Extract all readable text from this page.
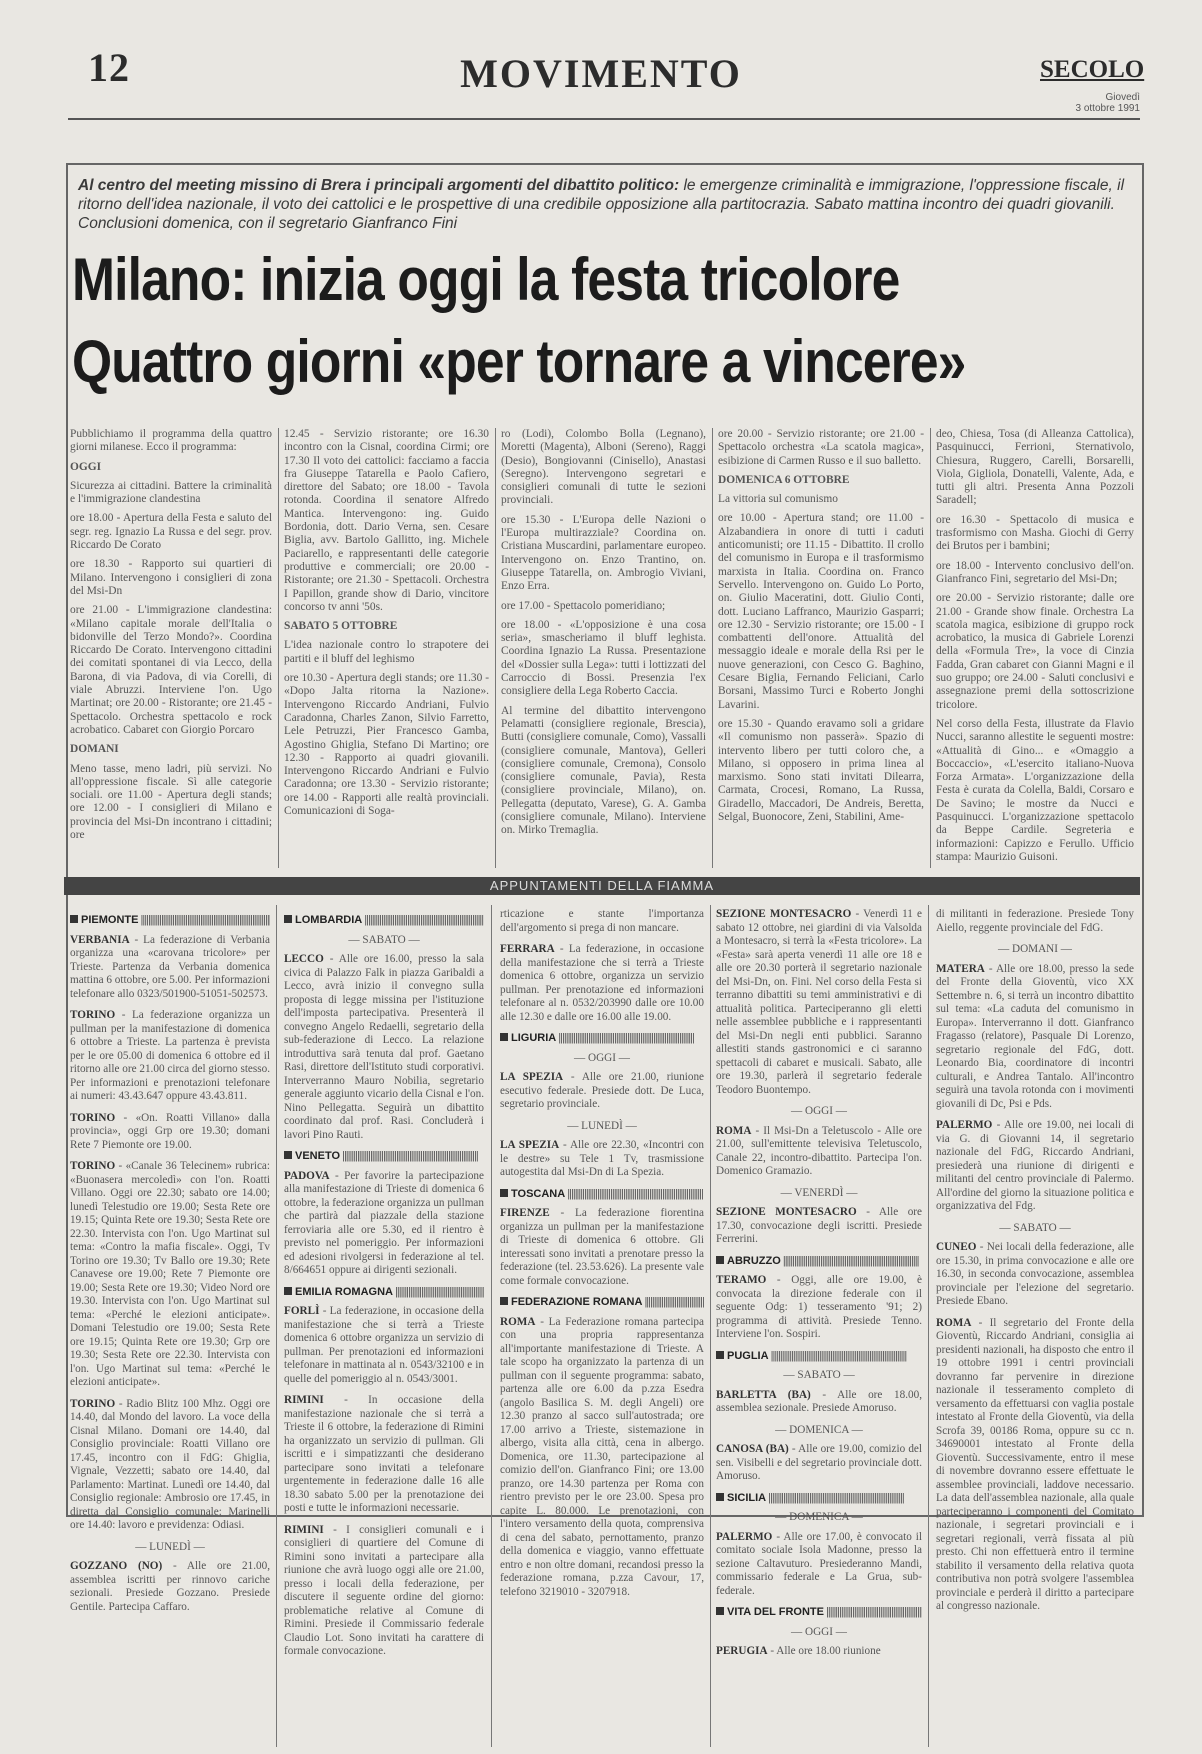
12	MOVIMENTO	SECOLO
Giovedì
3 ottobre 1991
Al centro del meeting missino di Brera i principali argomenti del dibattito politico: le emergenze criminalità e immigrazione, l'oppressione fiscale, il ritorno dell'idea nazionale, il voto dei cattolici e le prospettive di una credibile opposizione alla partitocrazia. Sabato mattina incontro dei quadri giovanili. Conclusioni domenica, con il segretario Gianfranco Fini
Milano: inizia oggi la festa tricolore
Quattro giorni «per tornare a vincere»

Pubblichiamo il programma della quattro giorni milanese. Ecco il programma:

OGGI

Sicurezza ai cittadini. Battere la criminalità e l'immigrazione clandestina

ore 18.00 - Apertura della Festa e saluto del segr. reg. Ignazio La Russa e del segr. prov. Riccardo De Corato

ore 18.30 - Rapporto sui quartieri di Milano. Intervengono i consiglieri di zona del Msi-Dn

ore 21.00 - L'immigrazione clandestina: «Milano capitale morale dell'Italia o bidonville del Terzo Mondo?». Coordina Riccardo De Corato. Intervengono cittadini dei comitati spontanei di via Lecco, della Barona, di via Padova, di via Corelli, di viale Abruzzi. Interviene l'on. Ugo Martinat; ore 20.00 - Ristorante; ore 21.45 - Spettacolo. Orchestra spettacolo e rock acrobatico. Cabaret con Giorgio Porcaro

DOMANI

Meno tasse, meno ladri, più servizi. No all'oppressione fiscale. Sì alle categorie sociali. ore 11.00 - Apertura degli stands; ore 12.00 - I consiglieri di Milano e provincia del Msi-Dn incontrano i cittadini; ore

12.45 - Servizio ristorante; ore 16.30 incontro con la Cisnal, coordina Cirmi; ore 17.30 Il voto dei cattolici: facciamo a faccia fra Giuseppe Tatarella e Paolo Cafiero, direttore del Sabato; ore 18.00 - Tavola rotonda. Coordina il senatore Alfredo Mantica. Intervengono: ing. Guido Bordonia, dott. Dario Verna, sen. Cesare Biglia, avv. Bartolo Gallitto, ing. Michele Paciarello, e rappresentanti delle categorie produttive e commerciali; ore 20.00 - Ristorante; ore 21.30 - Spettacoli. Orchestra I Papillon, grande show di Dario, vincitore concorso tv anni '50s.

SABATO 5 OTTOBRE

L'idea nazionale contro lo strapotere dei partiti e il bluff del leghismo

ore 10.30 - Apertura degli stands; ore 11.30 - «Dopo Jalta ritorna la Nazione». Intervengono Riccardo Andriani, Fulvio Caradonna, Charles Zanon, Silvio Farretto, Lele Petruzzi, Pier Francesco Gamba, Agostino Ghiglia, Stefano Di Martino; ore 12.30 - Rapporto ai quadri giovanili. Intervengono Riccardo Andriani e Fulvio Caradonna; ore 13.30 - Servizio ristorante; ore 14.00 - Rapporti alle realtà provinciali. Comunicazioni di Soga-

ro (Lodi), Colombo Bolla (Legnano), Moretti (Magenta), Alboni (Sereno), Raggi (Desio), Bongiovanni (Cinisello), Anastasi (Seregno). Intervengono segretari e consiglieri comunali di tutte le sezioni provinciali.

ore 15.30 - L'Europa delle Nazioni o l'Europa multirazziale? Coordina on. Cristiana Muscardini, parlamentare europeo. Intervengono on. Enzo Trantino, on. Giuseppe Tatarella, on. Ambrogio Viviani, Enzo Erra.

ore 17.00 - Spettacolo pomeridiano;

ore 18.00 - «L'opposizione è una cosa seria», smascheriamo il bluff leghista. Coordina Ignazio La Russa. Presentazione del «Dossier sulla Lega»: tutti i lottizzati del Carroccio di Bossi. Presenzia l'ex consigliere della Lega Roberto Caccia.

Al termine del dibattito intervengono Pelamatti (consigliere regionale, Brescia), Butti (consigliere comunale, Como), Vassalli (consigliere comunale, Mantova), Gelleri (consigliere comunale, Cremona), Consolo (consigliere comunale, Pavia), Resta (consigliere provinciale, Milano), on. Pellegatta (deputato, Varese), G. A. Gamba (consigliere comunale, Milano). Interviene on. Mirko Tremaglia.

ore 20.00 - Servizio ristorante; ore 21.00 - Spettacolo orchestra «La scatola magica», esibizione di Carmen Russo e il suo balletto.

DOMENICA 6 OTTOBRE

La vittoria sul comunismo

ore 10.00 - Apertura stand; ore 11.00 - Alzabandiera in onore di tutti i caduti anticomunisti; ore 11.15 - Dibattito. Il crollo del comunismo in Europa e il trasformismo marxista in Italia. Coordina on. Franco Servello. Intervengono on. Guido Lo Porto, on. Giulio Maceratini, dott. Giulio Conti, dott. Luciano Laffranco, Maurizio Gasparri; ore 12.30 - Servizio ristorante; ore 15.00 - I combattenti dell'onore. Attualità del messaggio ideale e morale della Rsi per le nuove generazioni, con Cesco G. Baghino, Cesare Biglia, Fernando Feliciani, Carlo Borsani, Massimo Turci e Roberto Jonghi Lavarini.

ore 15.30 - Quando eravamo soli a gridare «Il comunismo non passerà». Spazio di intervento libero per tutti coloro che, a Milano, si opposero in prima linea al marxismo. Sono stati invitati Dilearra, Carmata, Crocesi, Romano, La Russa, Giradello, Maccadori, De Andreis, Beretta, Selgal, Buonocore, Zeni, Stabilini, Ame-

deo, Chiesa, Tosa (di Alleanza Cattolica), Pasquinucci, Ferrioni, Sternativolo, Chiesura, Ruggero, Carelli, Borsarelli, Viola, Gigliola, Donatelli, Valente, Ada, e tutti gli altri. Presenta Anna Pozzoli Saradell;

ore 16.30 - Spettacolo di musica e trasformismo con Masha. Giochi di Gerry dei Brutos per i bambini;

ore 18.00 - Intervento conclusivo dell'on. Gianfranco Fini, segretario del Msi-Dn;

ore 20.00 - Servizio ristorante; dalle ore 21.00 - Grande show finale. Orchestra La scatola magica, esibizione di gruppo rock acrobatico, la musica di Gabriele Lorenzi della «Formula Tre», la voce di Cinzia Fadda, Gran cabaret con Gianni Magni e il suo gruppo; ore 24.00 - Saluti conclusivi e assegnazione premi della sottoscrizione tricolore.

Nel corso della Festa, illustrate da Flavio Nucci, saranno allestite le seguenti mostre: «Attualità di Gino... e «Omaggio a Boccaccio», «L'esercito italiano-Nuova Forza Armata». L'organizzazione della Festa è curata da Colella, Baldi, Corsaro e De Savino; le mostre da Nucci e Pasquinucci. L'organizzazione spettacolo da Beppe Cardile. Segreteria e informazioni: Capizzo e Ferullo. Ufficio stampa: Maurizio Guisoni.

APPUNTAMENTI DELLA FIAMMA
PIEMONTE |||||||||||||||||||||||||||||||||||||||||||||||||||||||||||||||||||||||||

VERBANIA - La federazione di Verbania organizza una «carovana tricolore» per Trieste. Partenza da Verbania domenica mattina 6 ottobre, ore 5.00. Per informazioni telefonare allo 0323/501900-51051-502573.

TORINO - La federazione organizza un pullman per la manifestazione di domenica 6 ottobre a Trieste. La partenza è prevista per le ore 05.00 di domenica 6 ottobre ed il ritorno alle ore 21.00 circa del giorno stesso. Per informazioni e prenotazioni telefonare ai numeri: 43.43.647 oppure 43.43.811.

TORINO - «On. Roatti Villano» dalla provincia», oggi Grp ore 19.30; domani Rete 7 Piemonte ore 19.00.

TORINO - «Canale 36 Telecinem» rubrica: «Buonasera mercoledì» con l'on. Roatti Villano. Oggi ore 22.30; sabato ore 14.00; lunedì Telestudio ore 19.00; Sesta Rete ore 19.15; Quinta Rete ore 19.30; Sesta Rete ore 22.30. Intervista con l'on. Ugo Martinat sul tema: «Contro la mafia fiscale». Oggi, Tv Torino ore 19.30; Tv Ballo ore 19.30; Rete Canavese ore 19.00; Rete 7 Piemonte ore 19.00; Sesta Rete ore 19.30; Video Nord ore 19.30. Intervista con l'on. Ugo Martinat sul tema: «Perché le elezioni anticipate». Domani Telestudio ore 19.00; Sesta Rete ore 19.15; Quinta Rete ore 19.30; Grp ore 19.30; Sesta Rete ore 22.30. Intervista con l'on. Ugo Martinat sul tema: «Perché le elezioni anticipate».

TORINO - Radio Blitz 100 Mhz. Oggi ore 14.40, dal Mondo del lavoro. La voce della Cisnal Milano. Domani ore 14.40, dal Consiglio provinciale: Roatti Villano ore 17.45, incontro con il FdG: Ghiglia, Vignale, Vezzetti; sabato ore 14.40, dal Parlamento: Martinat. Lunedì ore 14.40, dal Consiglio regionale: Ambrosio ore 17.45, in diretta dal Consiglio comunale: Marinelli ore 14.40: lavoro e previdenza: Odiasi.

— LUNEDÌ —

GOZZANO (NO) - Alle ore 21.00, assemblea iscritti per rinnovo cariche sezionali. Presiede Gozzano. Presiede Gentile. Partecipa Caffaro.

LOMBARDIA |||||||||||||||||||||||||||||||||||||||||||||||||||||||||||||||||||||||||
— SABATO —

LECCO - Alle ore 16.00, presso la sala civica di Palazzo Falk in piazza Garibaldi a Lecco, avrà inizio il convegno sulla proposta di legge missina per l'istituzione dell'imposta partecipativa. Presenterà il convegno Angelo Redaelli, segretario della sub-federazione di Lecco. La relazione introduttiva sarà tenuta dal prof. Gaetano Rasi, direttore dell'Istituto studi corporativi. Interverranno Mauro Nobilia, segretario generale aggiunto vicario della Cisnal e l'on. Nino Pellegatta. Seguirà un dibattito coordinato dal prof. Rasi. Concluderà i lavori Pino Rauti.

VENETO |||||||||||||||||||||||||||||||||||||||||||||||||||||||||||||||||||||||||

PADOVA - Per favorire la partecipazione alla manifestazione di Trieste di domenica 6 ottobre, la federazione organizza un pullman che partirà dal piazzale della stazione ferroviaria alle ore 5.30, ed il rientro è previsto nel pomeriggio. Per informazioni ed adesioni rivolgersi in federazione al tel. 8/664651 oppure ai dirigenti sezionali.

EMILIA ROMAGNA |||||||||||||||||||||||||||||||||||||||||||||||||||||||||||||||||||||||||

FORLÌ - La federazione, in occasione della manifestazione che si terrà a Trieste domenica 6 ottobre organizza un servizio di pullman. Per prenotazioni ed informazioni telefonare in mattinata al n. 0543/32100 e in quelle del pomeriggio al n. 0543/3001.

RIMINI - In occasione della manifestazione nazionale che si terrà a Trieste il 6 ottobre, la federazione di Rimini ha organizzato un servizio di pullman. Gli iscritti e i simpatizzanti che desiderano partecipare sono invitati a telefonare urgentemente in federazione dalle 16 alle 18.30 sabato 5.00 per la prenotazione dei posti e tutte le informazioni necessarie.

RIMINI - I consiglieri comunali e i consiglieri di quartiere del Comune di Rimini sono invitati a partecipare alla riunione che avrà luogo oggi alle ore 21.00, presso i locali della federazione, per discutere il seguente ordine del giorno: problematiche relative al Comune di Rimini. Presiede il Commissario federale Claudio Lot. Sono invitati ha carattere di formale convocazione.

rticazione e stante l'importanza dell'argomento si prega di non mancare.

FERRARA - La federazione, in occasione della manifestazione che si terrà a Trieste domenica 6 ottobre, organizza un servizio pullman. Per prenotazione ed informazioni telefonare al n. 0532/203990 dalle ore 10.00 alle 12.30 e dalle ore 16.00 alle 19.00.

LIGURIA |||||||||||||||||||||||||||||||||||||||||||||||||||||||||||||||||||||||||
— OGGI —

LA SPEZIA - Alle ore 21.00, riunione esecutivo federale. Presiede dott. De Luca, segretario provinciale.

— LUNEDÌ —

LA SPEZIA - Alle ore 22.30, «Incontri con le destre» su Tele 1 Tv, trasmissione autogestita dal Msi-Dn di La Spezia.

TOSCANA |||||||||||||||||||||||||||||||||||||||||||||||||||||||||||||||||||||||||

FIRENZE - La federazione fiorentina organizza un pullman per la manifestazione di Trieste di domenica 6 ottobre. Gli interessati sono invitati a prenotare presso la federazione (tel. 23.53.626). La presente vale come formale convocazione.

FEDERAZIONE ROMANA |||||||||||||||||||||||||||||||||||||||||||||||||||||||||||||||||||||||||

ROMA - La Federazione romana partecipa con una propria rappresentanza all'importante manifestazione di Trieste. A tale scopo ha organizzato la partenza di un pullman con il seguente programma: sabato, partenza alle ore 6.00 da p.zza Esedra (angolo Basilica S. M. degli Angeli) ore 12.30 pranzo al sacco sull'autostrada; ore 17.00 arrivo a Trieste, sistemazione in albergo, visita alla città, cena in albergo. Domenica, ore 11.30, partecipazione al comizio dell'on. Gianfranco Fini; ore 13.00 pranzo, ore 14.30 partenza per Roma con rientro previsto per le ore 23.00. Spesa pro capite L. 80.000. Le prenotazioni, con l'intero versamento della quota, comprensiva di cena del sabato, pernottamento, pranzo della domenica e viaggio, vanno effettuate entro e non oltre domani, recandosi presso la federazione romana, p.zza Cavour, 17, telefono 3219010 - 3207918.

SEZIONE MONTESACRO - Venerdì 11 e sabato 12 ottobre, nei giardini di via Valsolda a Montesacro, si terrà la «Festa tricolore». La «Festa» sarà aperta venerdì 11 alle ore 18 e alle ore 20.30 porterà il segretario nazionale del Msi-Dn, on. Fini. Nel corso della Festa si terranno dibattiti su temi amministrativi e di attualità politica. Parteciperanno gli eletti nelle assemblee pubbliche e i rappresentanti del Msi-Dn negli enti pubblici. Saranno allestiti stands gastronomici e ci saranno spettacoli di cabaret e musicali. Sabato, alle ore 19.30, parlerà il segretario federale Teodoro Buontempo.

— OGGI —

ROMA - Il Msi-Dn a Teletuscolo - Alle ore 21.00, sull'emittente televisiva Teletuscolo, Canale 22, incontro-dibattito. Partecipa l'on. Domenico Gramazio.

— VENERDÌ —

SEZIONE MONTESACRO - Alle ore 17.30, convocazione degli iscritti. Presiede Ferrerini.

ABRUZZO |||||||||||||||||||||||||||||||||||||||||||||||||||||||||||||||||||||||||

TERAMO - Oggi, alle ore 19.00, è convocata la direzione federale con il seguente Odg: 1) tesseramento '91; 2) programma di attività. Presiede Tenno. Interviene l'on. Sospiri.

PUGLIA |||||||||||||||||||||||||||||||||||||||||||||||||||||||||||||||||||||||||
— SABATO —

BARLETTA (BA) - Alle ore 18.00, assemblea sezionale. Presiede Amoruso.

— DOMENICA —

CANOSA (BA) - Alle ore 19.00, comizio del sen. Visibelli e del segretario provinciale dott. Amoruso.

SICILIA |||||||||||||||||||||||||||||||||||||||||||||||||||||||||||||||||||||||||
— DOMENICA —

PALERMO - Alle ore 17.00, è convocato il comitato sociale Isola Madonne, presso la sezione Caltavuturo. Presiederanno Mandi, commissario federale e La Grua, sub-federale.

VITA DEL FRONTE |||||||||||||||||||||||||||||||||||||||||||||||||||||||||||||||||||||||||
— OGGI —

PERUGIA - Alle ore 18.00 riunione

di militanti in federazione. Presiede Tony Aiello, reggente provinciale del FdG.

— DOMANI —

MATERA - Alle ore 18.00, presso la sede del Fronte della Gioventù, vico XX Settembre n. 6, si terrà un incontro dibattito sul tema: «La caduta del comunismo in Europa». Interverranno il dott. Gianfranco Fragasso (relatore), Pasquale Di Lorenzo, segretario regionale del FdG, dott. Leonardo Bia, coordinatore di incontri culturali, e Andrea Tantalo. All'incontro seguirà una tavola rotonda con i movimenti giovanili di Dc, Psi e Pds.

PALERMO - Alle ore 19.00, nei locali di via G. di Giovanni 14, il segretario nazionale del FdG, Riccardo Andriani, presiederà una riunione di dirigenti e militanti del centro provinciale di Palermo. All'ordine del giorno la situazione politica e organizzativa del Fdg.

— SABATO —

CUNEO - Nei locali della federazione, alle ore 15.30, in prima convocazione e alle ore 16.30, in seconda convocazione, assemblea provinciale per l'elezione del segretario. Presiede Ebano.

ROMA - Il segretario del Fronte della Gioventù, Riccardo Andriani, consiglia ai presidenti nazionali, ha disposto che entro il 19 ottobre 1991 i centri provinciali dovranno far pervenire in direzione nazionale il tesseramento completo di versamento da effettuarsi con vaglia postale intestato al Fronte della Gioventù, via della Scrofa 39, 00186 Roma, oppure su cc n. 34690001 intestato al Fronte della Gioventù. Successivamente, entro il mese di novembre dovranno essere effettuate le assemblee provinciali, laddove necessario. La data dell'assemblea nazionale, alla quale parteciperanno i componenti del Comitato nazionale, i segretari provinciali e i segretari regionali, verrà fissata al più presto. Chi non effettuerà entro il termine stabilito il versamento della relativa quota contributiva non potrà svolgere l'assemblea provinciale e perderà il diritto a partecipare al congresso nazionale.
